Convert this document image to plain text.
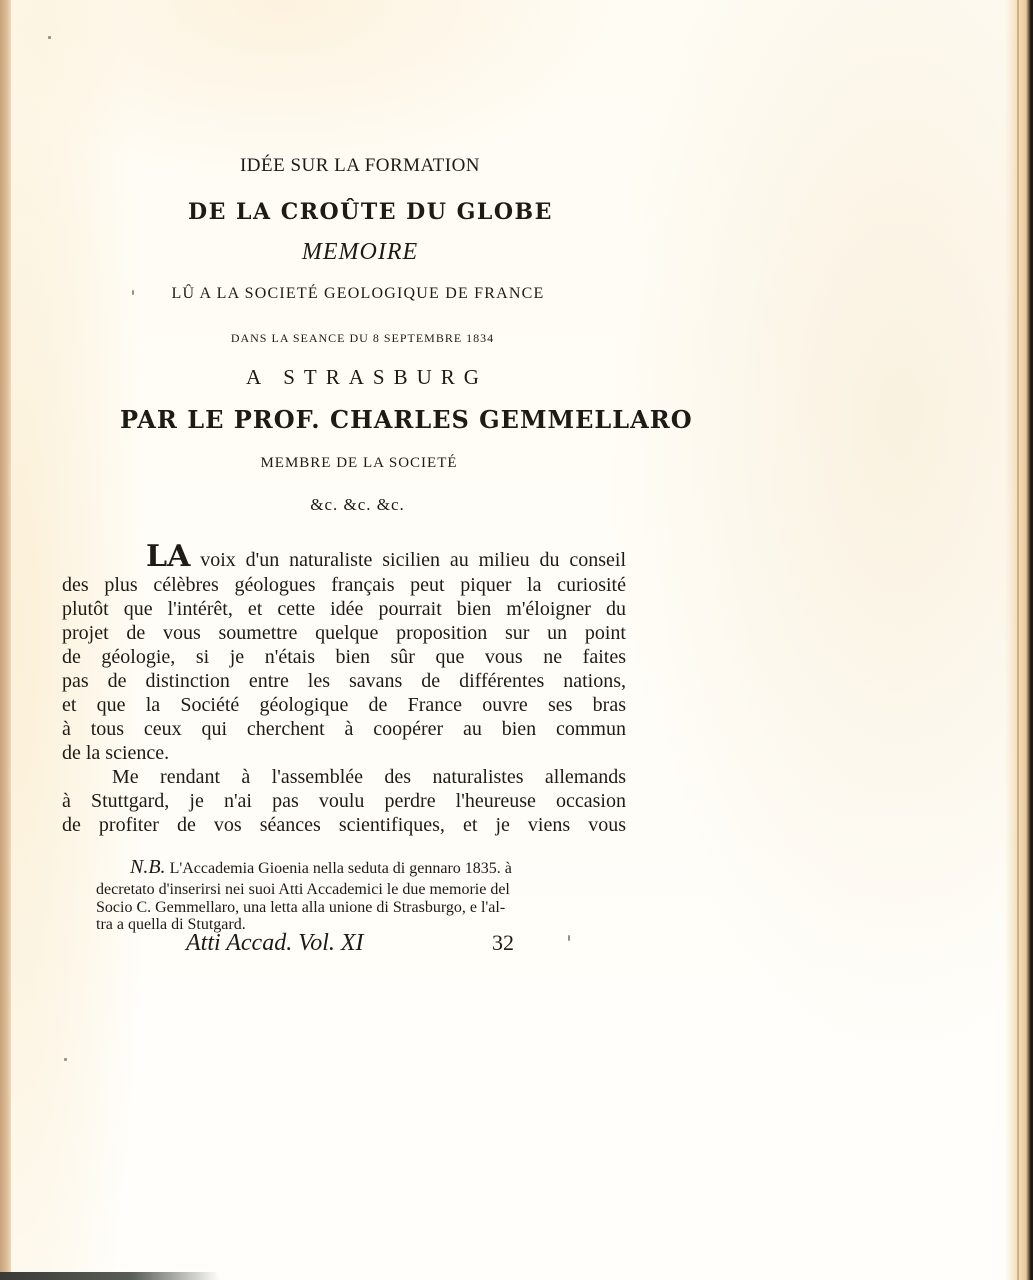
IDÉE SUR LA FORMATION
DE LA CROÛTE DU GLOBE
MEMOIRE
LÛ A LA SOCIETÉ GEOLOGIQUE DE FRANCE
DANS LA SEANCE DU 8 SEPTEMBRE 1834
A STRASBURG
PAR LE PROF. CHARLES GEMMELLARO
MEMBRE DE LA SOCIETÉ
&c. &c. &c.
LA voix d'un naturaliste sicilien au milieu du conseil
des plus célèbres géologues français peut piquer la curiosité
plutôt que l'intérêt, et cette idée pourrait bien m'éloigner du
projet de vous soumettre quelque proposition sur un point
de géologie, si je n'étais bien sûr que vous ne faites
pas de distinction entre les savans de différentes nations,
et que la Société géologique de France ouvre ses bras
à tous ceux qui cherchent à coopérer au bien commun
de la science.
Me rendant à l'assemblée des naturalistes allemands
à Stuttgard, je n'ai pas voulu perdre l'heureuse occasion
de profiter de vos séances scientifiques, et je viens vous
N.B. L'Accademia Gioenia nella seduta di gennaro 1835. à
decretato d'inserirsi nei suoi Atti Accademici le due memorie del
Socio C. Gemmellaro, una letta alla unione di Strasburgo, e l'al-
tra a quella di Stutgard.
Atti Accad. Vol. XI	32
